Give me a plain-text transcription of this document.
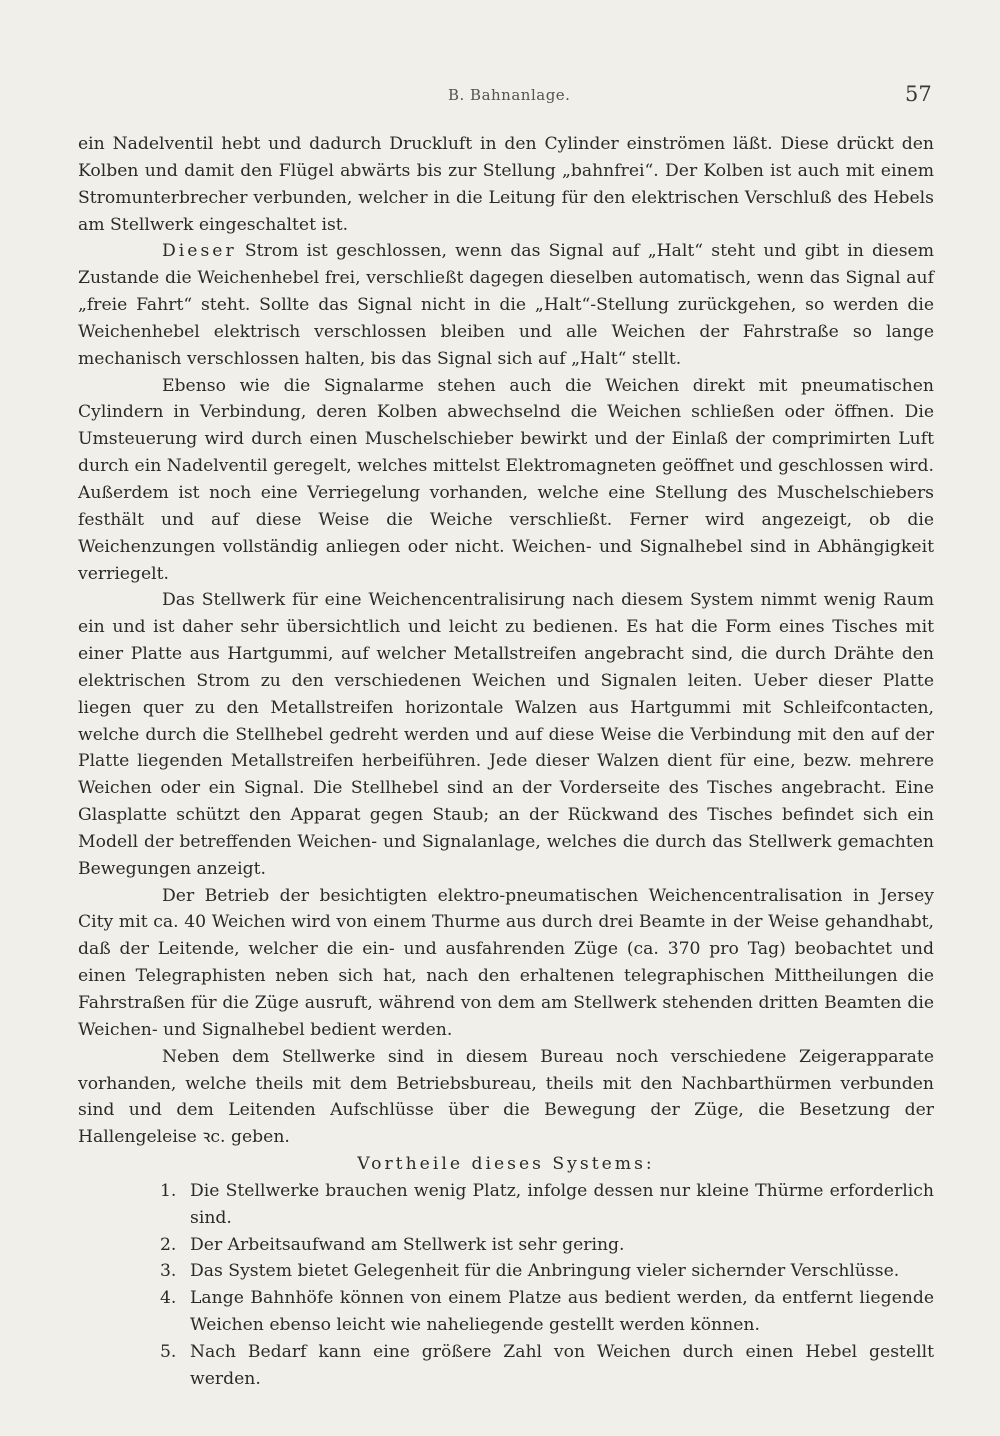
B. Bahnanlage.	57

ein Nadelventil hebt und dadurch Druckluft in den Cylinder einströmen läßt. Diese drückt den Kolben und damit den Flügel abwärts bis zur Stellung „bahnfrei“. Der Kolben ist auch mit einem Stromunterbrecher verbunden, welcher in die Leitung für den elektrischen Verschluß des Hebels am Stellwerk eingeschaltet ist.

Dieser Strom ist geschlossen, wenn das Signal auf „Halt“ steht und gibt in diesem Zustande die Weichenhebel frei, verschließt dagegen dieselben automatisch, wenn das Signal auf „freie Fahrt“ steht. Sollte das Signal nicht in die „Halt“-Stellung zurückgehen, so werden die Weichenhebel elektrisch verschlossen bleiben und alle Weichen der Fahrstraße so lange mechanisch verschlossen halten, bis das Signal sich auf „Halt“ stellt.

Ebenso wie die Signalarme stehen auch die Weichen direkt mit pneumatischen Cylindern in Verbindung, deren Kolben abwechselnd die Weichen schließen oder öffnen. Die Umsteuerung wird durch einen Muschelschieber bewirkt und der Einlaß der comprimirten Luft durch ein Nadelventil geregelt, welches mittelst Elektromagneten geöffnet und geschlossen wird. Außerdem ist noch eine Verriegelung vorhanden, welche eine Stellung des Muschelschiebers festhält und auf diese Weise die Weiche verschließt. Ferner wird angezeigt, ob die Weichenzungen vollständig anliegen oder nicht. Weichen- und Signalhebel sind in Abhängigkeit verriegelt.

Das Stellwerk für eine Weichencentralisirung nach diesem System nimmt wenig Raum ein und ist daher sehr übersichtlich und leicht zu bedienen. Es hat die Form eines Tisches mit einer Platte aus Hartgummi, auf welcher Metallstreifen angebracht sind, die durch Drähte den elektrischen Strom zu den verschiedenen Weichen und Signalen leiten. Ueber dieser Platte liegen quer zu den Metallstreifen horizontale Walzen aus Hartgummi mit Schleifcontacten, welche durch die Stellhebel gedreht werden und auf diese Weise die Verbindung mit den auf der Platte liegenden Metallstreifen herbeiführen. Jede dieser Walzen dient für eine, bezw. mehrere Weichen oder ein Signal. Die Stellhebel sind an der Vorderseite des Tisches angebracht. Eine Glasplatte schützt den Apparat gegen Staub; an der Rückwand des Tisches befindet sich ein Modell der betreffenden Weichen- und Signalanlage, welches die durch das Stellwerk gemachten Bewegungen anzeigt.

Der Betrieb der besichtigten elektro-pneumatischen Weichencentralisation in Jersey City mit ca. 40 Weichen wird von einem Thurme aus durch drei Beamte in der Weise gehandhabt, daß der Leitende, welcher die ein- und ausfahrenden Züge (ca. 370 pro Tag) beobachtet und einen Telegraphisten neben sich hat, nach den erhaltenen telegraphischen Mittheilungen die Fahrstraßen für die Züge ausruft, während von dem am Stellwerk stehenden dritten Beamten die Weichen- und Signalhebel bedient werden.

Neben dem Stellwerke sind in diesem Bureau noch verschiedene Zeigerapparate vorhanden, welche theils mit dem Betriebsbureau, theils mit den Nachbarthürmen verbunden sind und dem Leitenden Aufschlüsse über die Bewegung der Züge, die Besetzung der Hallengeleise ꝛc. geben.

Vortheile dieses Systems:

1. Die Stellwerke brauchen wenig Platz, infolge dessen nur kleine Thürme erforderlich sind.
2. Der Arbeitsaufwand am Stellwerk ist sehr gering.
3. Das System bietet Gelegenheit für die Anbringung vieler sichernder Verschlüsse.
4. Lange Bahnhöfe können von einem Platze aus bedient werden, da entfernt liegende Weichen ebenso leicht wie naheliegende gestellt werden können.
5. Nach Bedarf kann eine größere Zahl von Weichen durch einen Hebel gestellt werden.
